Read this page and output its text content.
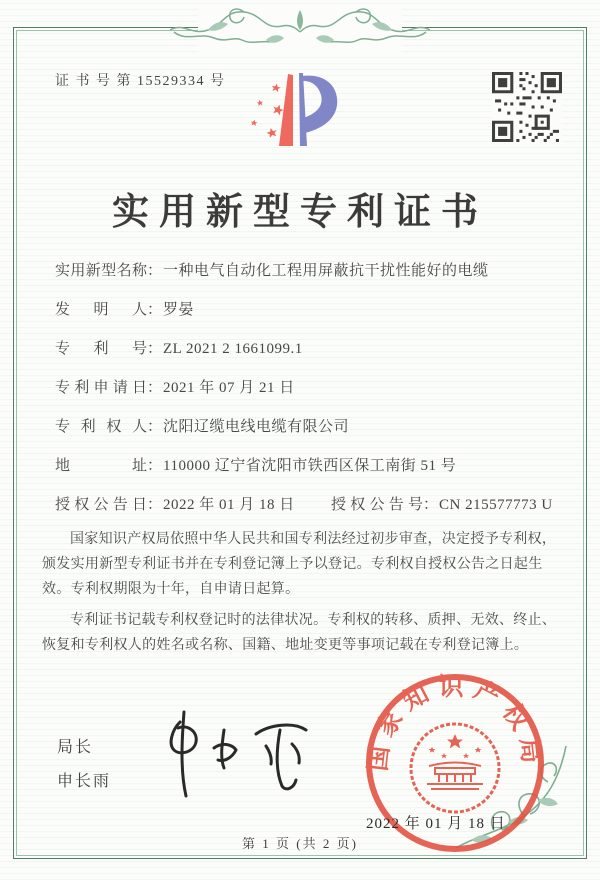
证 书 号 第 15529334 号
实用新型专利证书
实用新型名称：一种电气自动化工程用屏蔽抗干扰性能好的电缆
发明人：罗晏
专利号：ZL 2021 2 1661099.1
专利申请日：2021 年 07 月 21 日
专利权人：沈阳辽缆电线电缆有限公司
地址：110000 辽宁省沈阳市铁西区保工南街 51 号
授权公告日：2022 年 01 月 18 日 授权公告号：CN 215577773 U

国家知识产权局依照中华人民共和国专利法经过初步审查，决定授予专利权，颁发实用新型专利证书并在专利登记簿上予以登记。专利权自授权公告之日起生效。专利权期限为十年，自申请日起算。

专利证书记载专利权登记时的法律状况。专利权的转移、质押、无效、终止、恢复和专利权人的姓名或名称、国籍、地址变更等事项记载在专利登记簿上。

局长
申长雨
国家知识产权局
2022 年 01 月 18 日
第 1 页 (共 2 页)
